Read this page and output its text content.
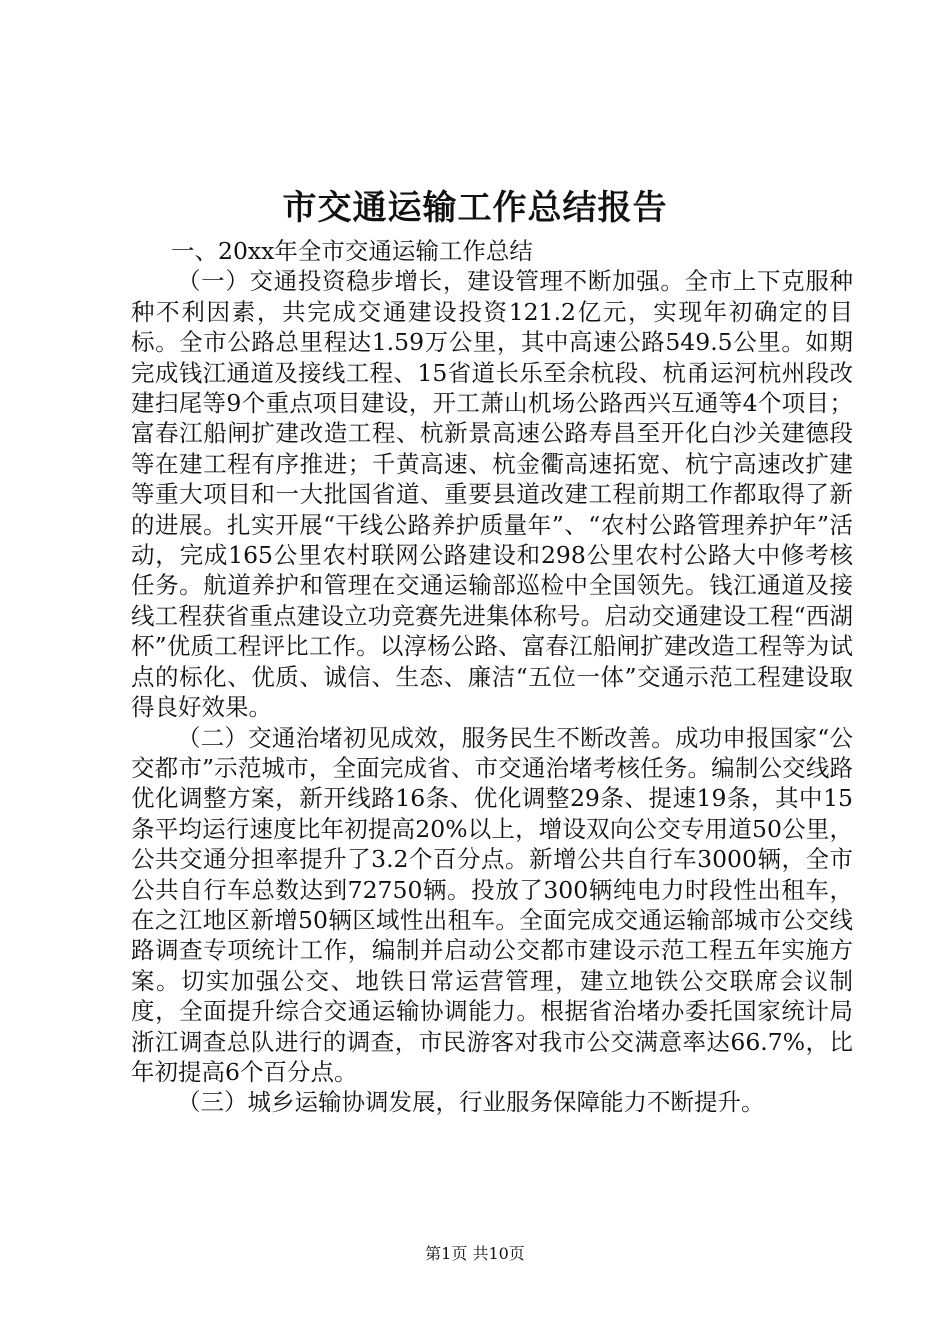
市交通运输工作总结报告

一、20xx年全市交通运输工作总结

（一）交通投资稳步增长，建设管理不断加强。全市上下克服种种不利因素，共完成交通建设投资121.2亿元，实现年初确定的目标。全市公路总里程达1.59万公里，其中高速公路549.5公里。如期完成钱江通道及接线工程、15省道长乐至余杭段、杭甬运河杭州段改建扫尾等9个重点项目建设，开工萧山机场公路西兴互通等4个项目；富春江船闸扩建改造工程、杭新景高速公路寿昌至开化白沙关建德段等在建工程有序推进；千黄高速、杭金衢高速拓宽、杭宁高速改扩建等重大项目和一大批国省道、重要县道改建工程前期工作都取得了新的进展。扎实开展“干线公路养护质量年”、“农村公路管理养护年”活动，完成165公里农村联网公路建设和298公里农村公路大中修考核任务。航道养护和管理在交通运输部巡检中全国领先。钱江通道及接线工程获省重点建设立功竞赛先进集体称号。启动交通建设工程“西湖杯”优质工程评比工作。以淳杨公路、富春江船闸扩建改造工程等为试点的标化、优质、诚信、生态、廉洁“五位一体”交通示范工程建设取得良好效果。

（二）交通治堵初见成效，服务民生不断改善。成功申报国家“公交都市”示范城市，全面完成省、市交通治堵考核任务。编制公交线路优化调整方案，新开线路16条、优化调整29条、提速19条，其中15条平均运行速度比年初提高20%以上，增设双向公交专用道50公里，公共交通分担率提升了3.2个百分点。新增公共自行车3000辆，全市公共自行车总数达到72750辆。投放了300辆纯电力时段性出租车，在之江地区新增50辆区域性出租车。全面完成交通运输部城市公交线路调查专项统计工作，编制并启动公交都市建设示范工程五年实施方案。切实加强公交、地铁日常运营管理，建立地铁公交联席会议制度，全面提升综合交通运输协调能力。根据省治堵办委托国家统计局浙江调查总队进行的调查，市民游客对我市公交满意率达66.7%，比年初提高6个百分点。

（三）城乡运输协调发展，行业服务保障能力不断提升。

第1页 共10页
